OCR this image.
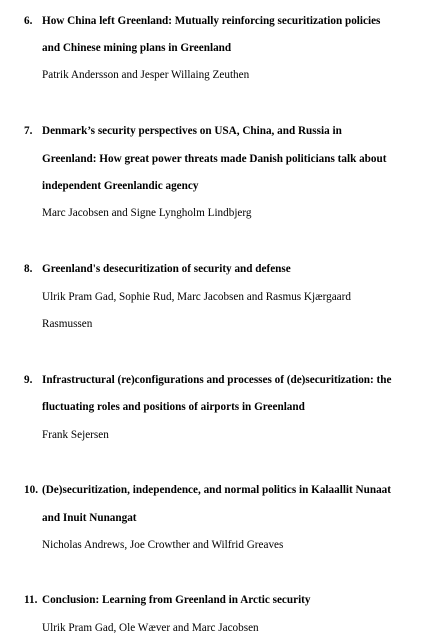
6. How China left Greenland: Mutually reinforcing securitization policies
and Chinese mining plans in Greenland
Patrik Andersson and Jesper Willaing Zeuthen
7. Denmark’s security perspectives on USA, China, and Russia in
Greenland: How great power threats made Danish politicians talk about
independent Greenlandic agency
Marc Jacobsen and Signe Lyngholm Lindbjerg
8. Greenland's desecuritization of security and defense
Ulrik Pram Gad, Sophie Rud, Marc Jacobsen and Rasmus Kjærgaard
Rasmussen
9. Infrastructural (re)configurations and processes of (de)securitization: the
fluctuating roles and positions of airports in Greenland
Frank Sejersen
10. (De)securitization, independence, and normal politics in Kalaallit Nunaat
and Inuit Nunangat
Nicholas Andrews, Joe Crowther and Wilfrid Greaves
11. Conclusion: Learning from Greenland in Arctic security
Ulrik Pram Gad, Ole Wæver and Marc Jacobsen
